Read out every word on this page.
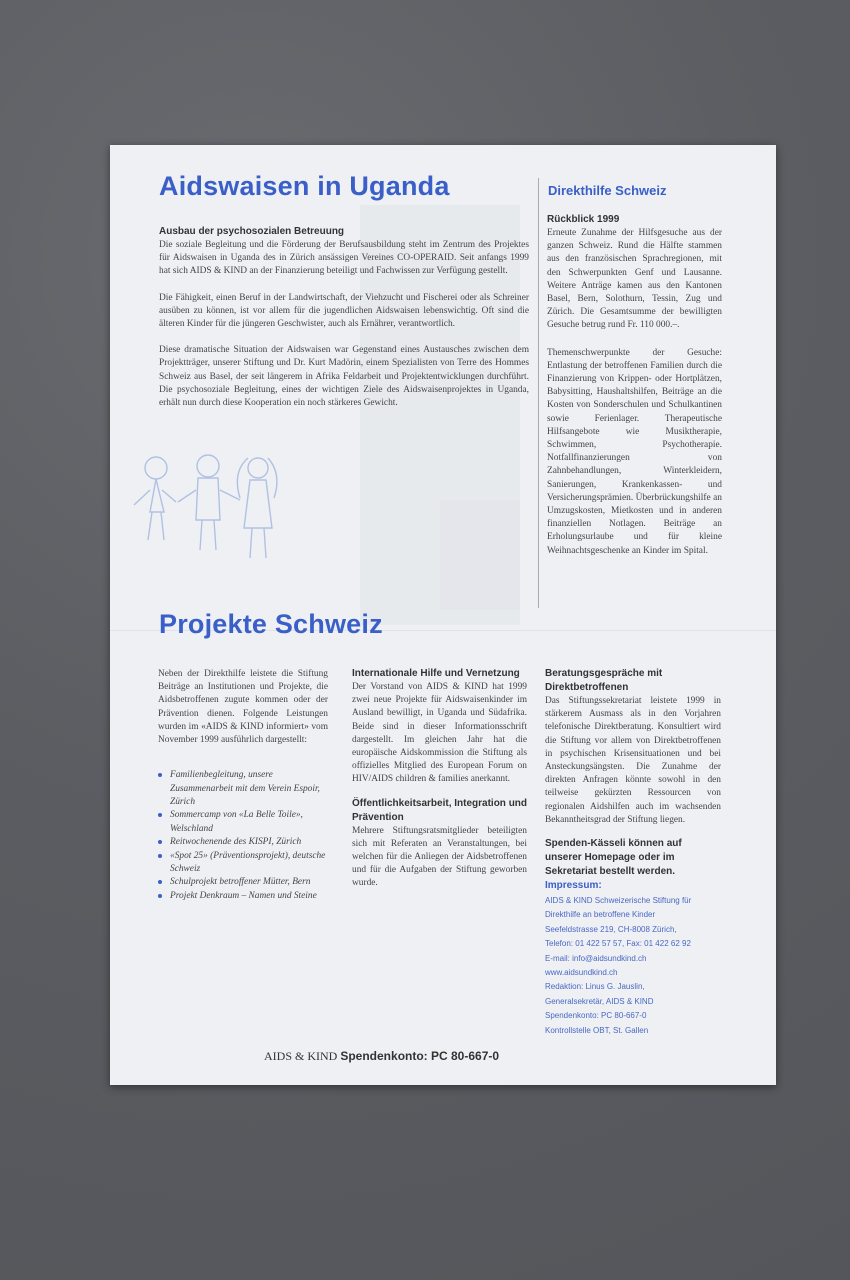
Aidswaisen in Uganda

Ausbau der psychosozialen Betreuung

Die soziale Begleitung und die Förderung der Berufsausbildung steht im Zentrum des Projektes für Aidswaisen in Uganda des in Zürich ansässigen Vereines CO-OPERAID. Seit anfangs 1999 hat sich AIDS & KIND an der Finanzierung beteiligt und Fachwissen zur Verfügung gestellt.

Die Fähigkeit, einen Beruf in der Landwirtschaft, der Viehzucht und Fischerei oder als Schreiner ausüben zu können, ist vor allem für die jugendlichen Aidswaisen lebenswichtig. Oft sind die älteren Kinder für die jüngeren Geschwister, auch als Ernährer, verantwortlich.

Diese dramatische Situation der Aidswaisen war Gegenstand eines Austausches zwischen dem Projektträger, unserer Stiftung und Dr. Kurt Madörin, einem Spezialisten von Terre des Hommes Schweiz aus Basel, der seit längerem in Afrika Feldarbeit und Projektentwicklungen durchführt. Die psychosoziale Begleitung, eines der wichtigen Ziele des Aidswaisenprojektes in Uganda, erhält nun durch diese Kooperation ein noch stärkeres Gewicht.

Direkthilfe Schweiz

Rückblick 1999

Erneute Zunahme der Hilfsgesuche aus der ganzen Schweiz. Rund die Hälfte stammen aus den französischen Sprachregionen, mit den Schwerpunkten Genf und Lausanne. Weitere Anträge kamen aus den Kantonen Basel, Bern, Solothurn, Tessin, Zug und Zürich. Die Gesamtsumme der bewilligten Gesuche betrug rund Fr. 110 000.–.

Themenschwerpunkte der Gesuche: Entlastung der betroffenen Familien durch die Finanzierung von Krippen- oder Hortplätzen, Babysitting, Haushaltshilfen, Beiträge an die Kosten von Sonderschulen und Schulkantinen sowie Ferienlager. Therapeutische Hilfsangebote wie Musiktherapie, Schwimmen, Psychotherapie. Notfallfinanzierungen von Zahnbehandlungen, Winterkleidern, Sanierungen, Krankenkassen- und Versicherungsprämien. Überbrückungshilfe an Umzugskosten, Mietkosten und in anderen finanziellen Notlagen. Beiträge an Erholungsurlaube und für kleine Weihnachtsgeschenke an Kinder im Spital.

Projekte Schweiz

Neben der Direkthilfe leistete die Stiftung Beiträge an Institutionen und Projekte, die Aidsbetroffenen zugute kommen oder der Prävention dienen. Folgende Leistungen wurden im «AIDS & KIND informiert» vom November 1999 ausführlich dargestellt:

Familienbegleitung, unsere Zusammenarbeit mit dem Verein Espoir, Zürich
Sommercamp von «La Belle Toile», Welschland
Reitwochenende des KISPI, Zürich
«Spot 25» (Präventionsprojekt), deutsche Schweiz
Schulprojekt betroffener Mütter, Bern
Projekt Denkraum – Namen und Steine

Internationale Hilfe und Vernetzung

Der Vorstand von AIDS & KIND hat 1999 zwei neue Projekte für Aidswaisenkinder im Ausland bewilligt, in Uganda und Südafrika. Beide sind in dieser Informationsschrift dargestellt. Im gleichen Jahr hat die europäische Aidskommission die Stiftung als offizielles Mitglied des European Forum on HIV/AIDS children & families anerkannt.

Öffentlichkeitsarbeit, Integration und Prävention

Mehrere Stiftungsratsmitglieder beteiligten sich mit Referaten an Veranstaltungen, bei welchen für die Anliegen der Aidsbetroffenen und für die Aufgaben der Stiftung geworben wurde.

Beratungsgespräche mit Direktbetroffenen

Das Stiftungssekretariat leistete 1999 in stärkerem Ausmass als in den Vorjahren telefonische Direktberatung. Konsultiert wird die Stiftung vor allem von Direktbetroffenen in psychischen Krisensituationen und bei Ansteckungsängsten. Die Zunahme der direkten Anfragen könnte sowohl in den teilweise gekürzten Ressourcen von regionalen Aidshilfen auch im wachsenden Bekanntheitsgrad der Stiftung liegen.

Spenden-Kässeli können auf unserer Homepage oder im Sekretariat bestellt werden.

Impressum:

AIDS & KIND Schweizerische Stiftung für

Direkthilfe an betroffene Kinder

Seefeldstrasse 219, CH-8008 Zürich,

Telefon: 01 422 57 57, Fax: 01 422 62 92

E-mail: info@aidsundkind.ch

www.aidsundkind.ch

Redaktion: Linus G. Jauslin,

Generalsekretär, AIDS & KIND

Spendenkonto: PC 80-667-0

Kontrollstelle OBT, St. Gallen

AIDS & KIND Spendenkonto: PC 80-667-0
